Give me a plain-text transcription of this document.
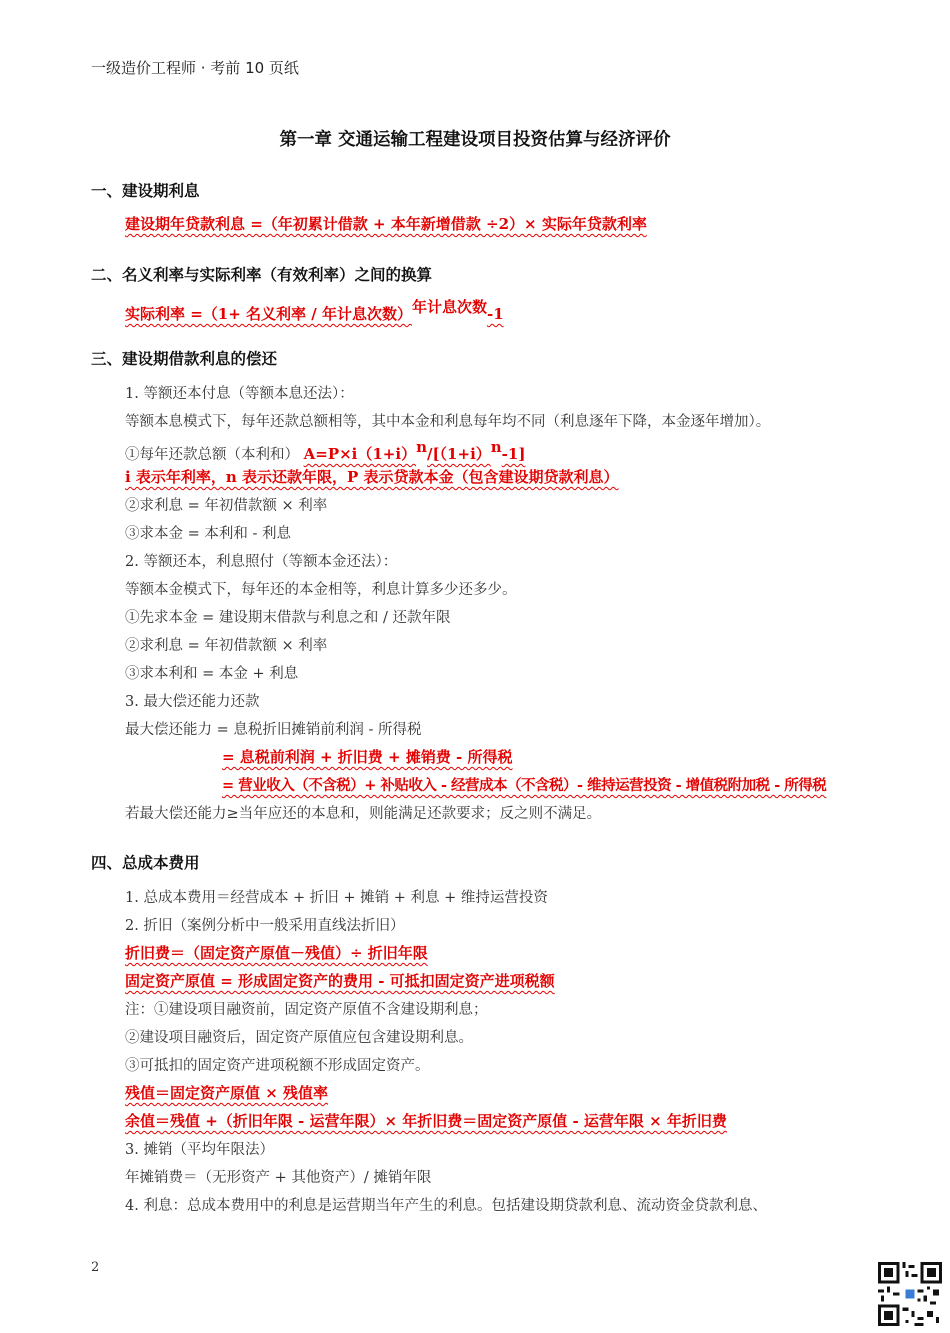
一级造价工程师 · 考前 10 页纸
第一章 交通运输工程建设项目投资估算与经济评价
一、建设期利息
建设期年贷款利息 =（年初累计借款 + 本年新增借款 ÷2）× 实际年贷款利率
二、名义利率与实际利率（有效利率）之间的换算
实际利率 =（1+ 名义利率 / 年计息次数）$^{年计息次数}$-1
三、建设期借款利息的偿还
1. 等额还本付息（等额本息还法）：
等额本息模式下，每年还款总额相等，其中本金和利息每年均不同（利息逐年下降，本金逐年增加）。
①每年还款总额（本利和） $A=P\times i(1+i)^n/[(1+i)^n-1]$
i 表示年利率，n 表示还款年限，P 表示贷款本金（包含建设期贷款利息）
②求利息 = 年初借款额 × 利率
③求本金 = 本利和 - 利息
2. 等额还本，利息照付（等额本金还法）：
等额本金模式下，每年还的本金相等，利息计算多少还多少。
①先求本金 = 建设期末借款与利息之和 / 还款年限
②求利息 = 年初借款额 × 利率
③求本利和 = 本金 + 利息
3. 最大偿还能力还款
最大偿还能力 = 息税折旧摊销前利润 - 所得税
= 息税前利润 + 折旧费 + 摊销费 - 所得税
= 营业收入（不含税）+ 补贴收入 - 经营成本（不含税）- 维持运营投资 - 增值税附加税 - 所得税
若最大偿还能力≥当年应还的本息和，则能满足还款要求；反之则不满足。
四、总成本费用
1. 总成本费用＝经营成本 + 折旧 + 摊销 + 利息 + 维持运营投资
2. 折旧（案例分析中一般采用直线法折旧）
折旧费＝（固定资产原值－残值）÷ 折旧年限
固定资产原值 = 形成固定资产的费用 - 可抵扣固定资产进项税额
注：①建设项目融资前，固定资产原值不含建设期利息；
②建设项目融资后，固定资产原值应包含建设期利息。
③可抵扣的固定资产进项税额不形成固定资产。
残值＝固定资产原值 × 残值率
余值＝残值 +（折旧年限 - 运营年限）× 年折旧费＝固定资产原值 - 运营年限 × 年折旧费
3. 摊销（平均年限法）
年摊销费＝（无形资产 + 其他资产）/ 摊销年限
4. 利息：总成本费用中的利息是运营期当年产生的利息。包括建设期贷款利息、流动资金贷款利息、
2
